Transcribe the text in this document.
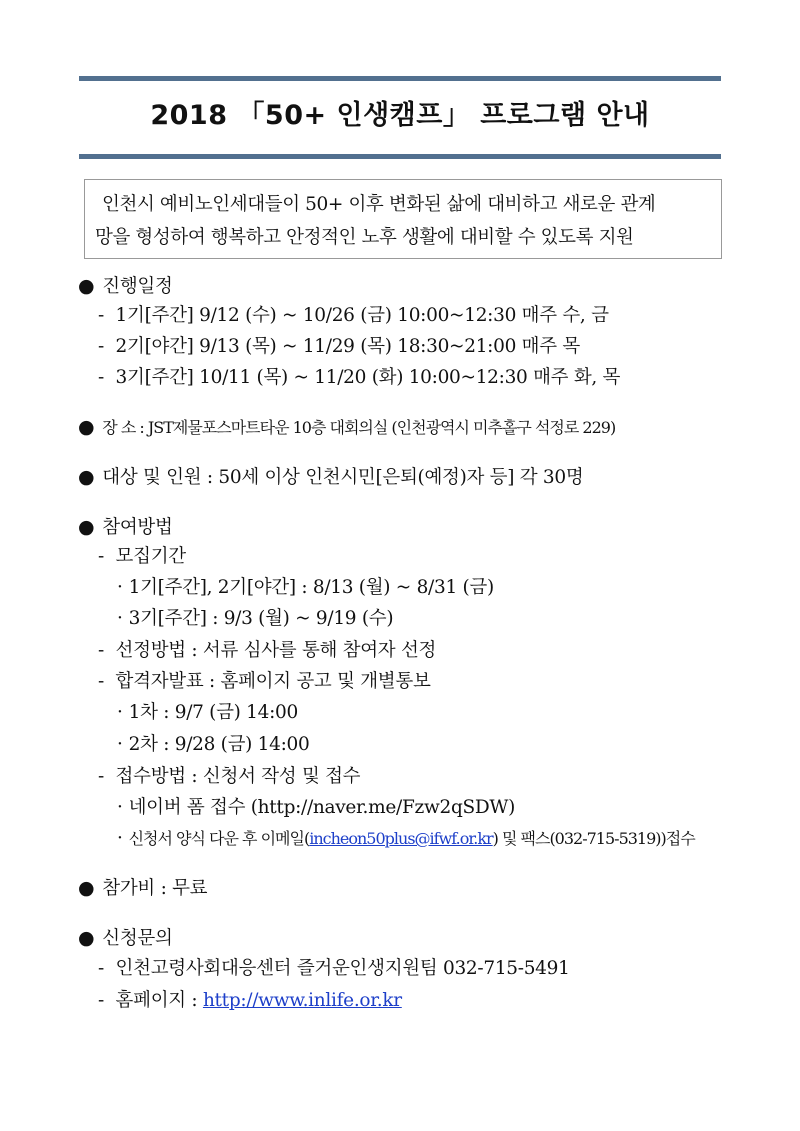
2018 「50+ 인생캠프」 프로그램 안내
인천시 예비노인세대들이 50+ 이후 변화된 삶에 대비하고 새로운 관계
망을 형성하여 행복하고 안정적인 노후 생활에 대비할 수 있도록 지원
● 진행일정
- 1기[주간] 9/12 (수) ~ 10/26 (금) 10:00~12:30 매주 수, 금
- 2기[야간] 9/13 (목) ~ 11/29 (목) 18:30~21:00 매주 목
- 3기[주간] 10/11 (목) ~ 11/20 (화) 10:00~12:30 매주 화, 목
● 장 소 : JST제물포스마트타운 10층 대회의실 (인천광역시 미추홀구 석정로 229)
● 대상 및 인원 : 50세 이상 인천시민[은퇴(예정)자 등] 각 30명
● 참여방법
- 모집기간
· 1기[주간], 2기[야간] : 8/13 (월) ~ 8/31 (금)
· 3기[주간] : 9/3 (월) ~ 9/19 (수)
- 선정방법 : 서류 심사를 통해 참여자 선정
- 합격자발표 : 홈페이지 공고 및 개별통보
· 1차 : 9/7 (금) 14:00
· 2차 : 9/28 (금) 14:00
- 접수방법 : 신청서 작성 및 접수
· 네이버 폼 접수 (http://naver.me/Fzw2qSDW)
· 신청서 양식 다운 후 이메일(incheon50plus@ifwf.or.kr) 및 팩스(032-715-5319))접수
● 참가비 : 무료
● 신청문의
- 인천고령사회대응센터 즐거운인생지원팀 032-715-5491
- 홈페이지 : http://www.inlife.or.kr
